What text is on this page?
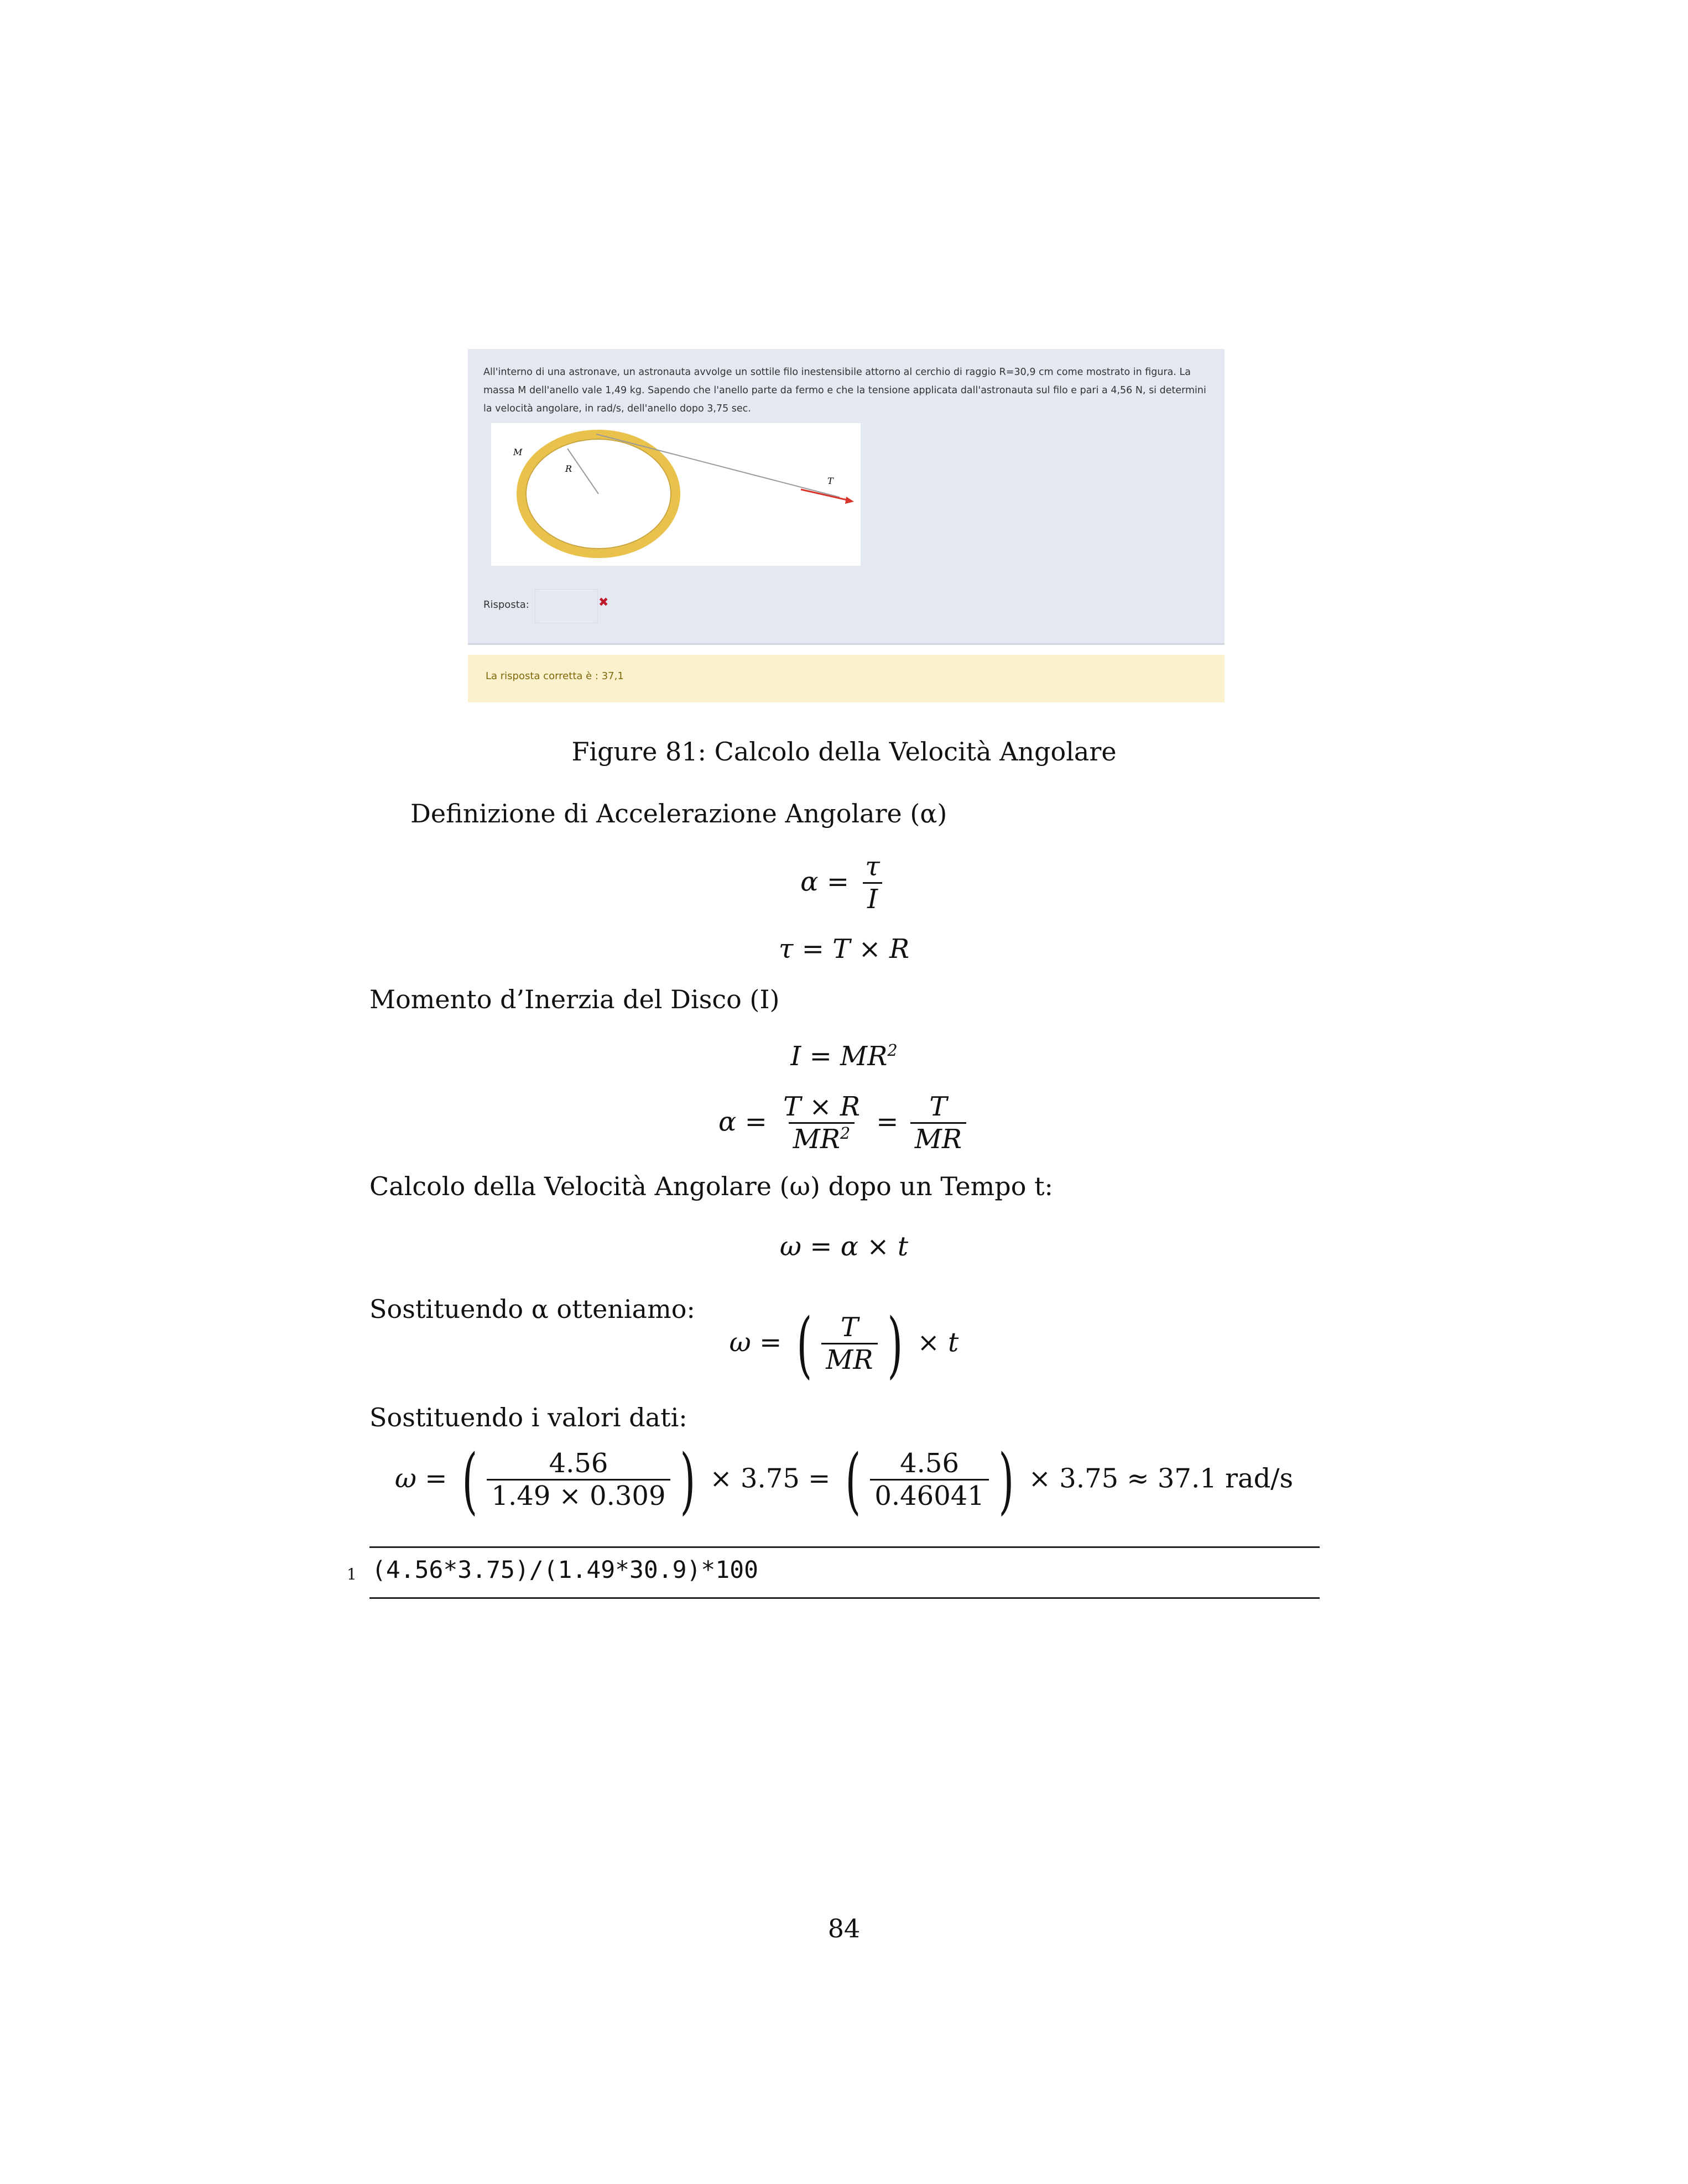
All'interno di una astronave, un astronauta avvolge un sottile filo inestensibile attorno al cerchio di raggio R=30,9 cm come mostrato in figura. La massa M dell'anello vale 1,49 kg. Sapendo che l'anello parte da fermo e che la tensione applicata dall'astronauta sul filo e pari a 4,56 N, si determini la velocità angolare, in rad/s, dell'anello dopo 3,75 sec.
M
R
T
Risposta:	✖
La risposta corretta è : 37,1
Figure 81: Calcolo della Velocità Angolare
Definizione di Accelerazione Angolare (α)
$\alpha = \frac{\tau}{I}$
τ = T × R
Momento d’Inerzia del Disco (I)
$I = MR^2$
$\alpha = \frac{T \times R}{MR^2} = \frac{T}{MR}$
Calcolo della Velocità Angolare (ω) dopo un Tempo t:
ω = α × t
Sostituendo α otteniamo:
ω = ( $\frac{T}{MR}$ ) × t
Sostituendo i valori dati:
ω = ( $\frac{4.56}{1.49 \times 0.309}$ ) × 3.75 = ( $\frac{4.56}{0.46041}$ ) × 3.75 ≈ 37.1 rad/s
1 (4.56*3.75)/(1.49*30.9)*100
84
